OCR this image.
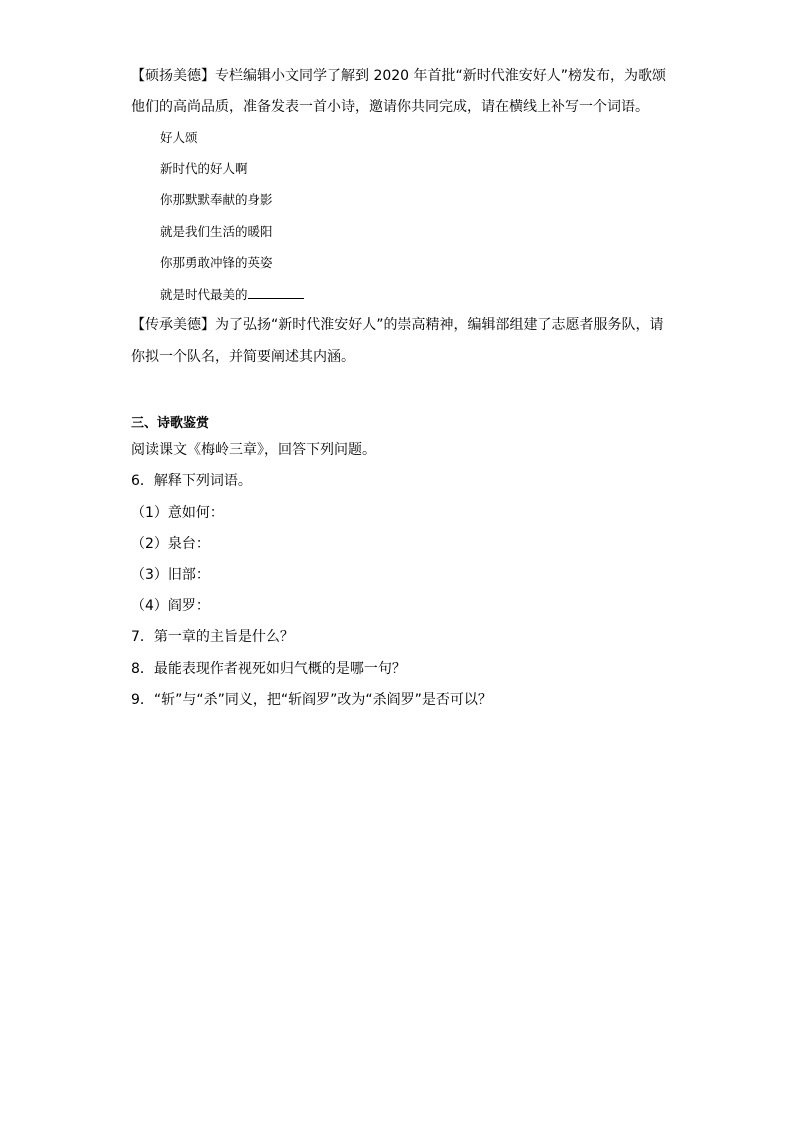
【硕扬美德】专栏编辑小文同学了解到 2020 年首批“新时代淮安好人”榜发布，为歌颂
他们的高尚品质，准备发表一首小诗，邀请你共同完成，请在横线上补写一个词语。
好人颂
新时代的好人啊
你那默默奉献的身影
就是我们生活的暖阳
你那勇敢冲锋的英姿
就是时代最美的
【传承美德】为了弘扬“新时代淮安好人”的崇高精神，编辑部组建了志愿者服务队，请
你拟一个队名，并简要阐述其内涵。
三、诗歌鉴赏
阅读课文《梅岭三章》，回答下列问题。
6．解释下列词语。
（1）意如何：
（2）泉台：
（3）旧部：
（4）阎罗：
7．第一章的主旨是什么？
8．最能表现作者视死如归气概的是哪一句？
9．“斩”与“杀”同义，把“斩阎罗”改为“杀阎罗”是否可以？
